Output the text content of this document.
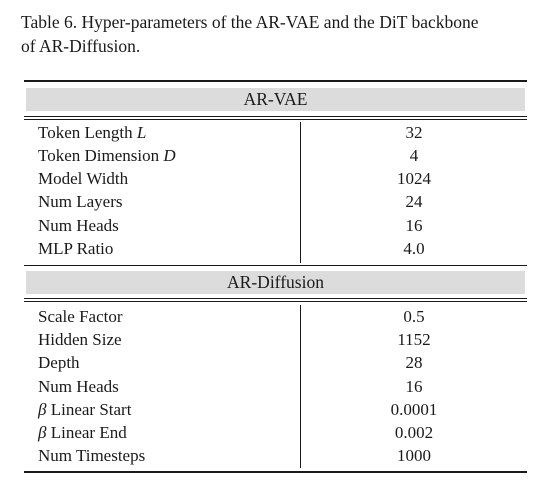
Table 6. Hyper-parameters of the AR-VAE and the DiT backbone
of AR-Diffusion.
AR-VAE
Token Length L	32
Token Dimension D	4
Model Width	1024
Num Layers	24
Num Heads	16
MLP Ratio	4.0
AR-Diffusion
Scale Factor	0.5
Hidden Size	1152
Depth	28
Num Heads	16
β Linear Start	0.0001
β Linear End	0.002
Num Timesteps	1000
